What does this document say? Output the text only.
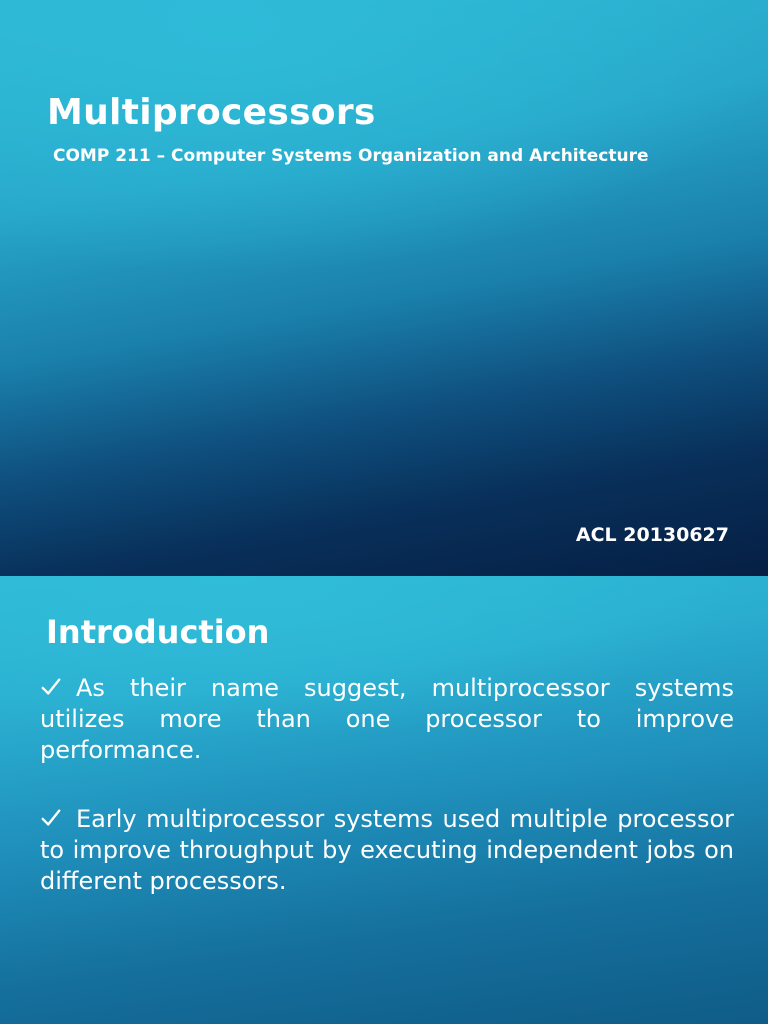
Multiprocessors

COMP 211 – Computer Systems Organization and Architecture

ACL 20130627

Introduction
As their name suggest, multiprocessor systems utilizes more than one processor to improve performance.
Early multiprocessor systems used multiple processor to improve throughput by executing independent jobs on different processors.
